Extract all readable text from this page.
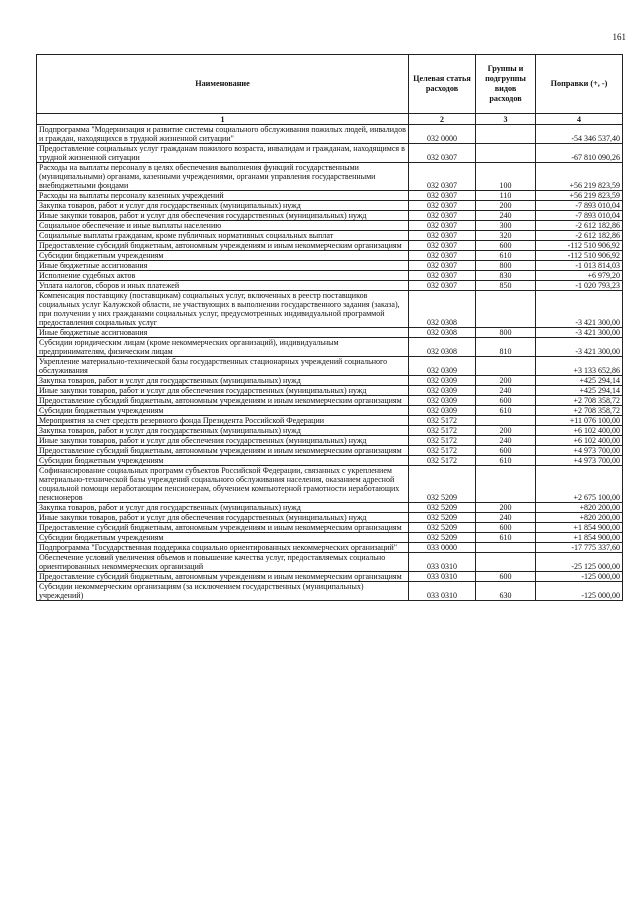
161
Наименование	Целевая статья расходов	Группы и подгруппы видов расходов	Поправки (+, -)
1	2	3	4
Подпрограмма "Модернизация и развитие системы социального обслуживания пожилых людей, инвалидов и граждан, находящихся в трудной жизненной ситуации"	032 0000		-54 346 537,40
Предоставление социальных услуг гражданам пожилого возраста, инвалидам и гражданам, находящимся в трудной жизненной ситуации	032 0307		-67 810 090,26
Расходы на выплаты персоналу в целях обеспечения выполнения функций государственными (муниципальными) органами, казенными учреждениями, органами управления государственными внебюджетными фондами	032 0307	100	+56 219 823,59
Расходы на выплаты персоналу казенных учреждений	032 0307	110	+56 219 823,59
Закупка товаров, работ и услуг для государственных (муниципальных) нужд	032 0307	200	-7 893 010,04
Иные закупки товаров, работ и услуг для обеспечения государственных (муниципальных) нужд	032 0307	240	-7 893 010,04
Социальное обеспечение и иные выплаты населению	032 0307	300	-2 612 182,86
Социальные выплаты гражданам, кроме публичных нормативных социальных выплат	032 0307	320	-2 612 182,86
Предоставление субсидий бюджетным, автономным учреждениям и иным некоммерческим организациям	032 0307	600	-112 510 906,92
Субсидии бюджетным учреждениям	032 0307	610	-112 510 906,92
Иные бюджетные ассигнования	032 0307	800	-1 013 814,03
Исполнение судебных актов	032 0307	830	+6 979,20
Уплата налогов, сборов и иных платежей	032 0307	850	-1 020 793,23
Компенсация поставщику (поставщикам) социальных услуг, включенных в реестр поставщиков социальных услуг Калужской области, не участвующих в выполнении государственного задания (заказа), при получении у них гражданами социальных услуг, предусмотренных индивидуальной программой предоставления социальных услуг	032 0308		-3 421 300,00
Иные бюджетные ассигнования	032 0308	800	-3 421 300,00
Субсидии юридическим лицам (кроме некоммерческих организаций), индивидуальным предпринимателям, физическим лицам	032 0308	810	-3 421 300,00
Укрепление материально-технической базы государственных стационарных учреждений социального обслуживания	032 0309		+3 133 652,86
Закупка товаров, работ и услуг для государственных (муниципальных) нужд	032 0309	200	+425 294,14
Иные закупки товаров, работ и услуг для обеспечения государственных (муниципальных) нужд	032 0309	240	+425 294,14
Предоставление субсидий бюджетным, автономным учреждениям и иным некоммерческим организациям	032 0309	600	+2 708 358,72
Субсидии бюджетным учреждениям	032 0309	610	+2 708 358,72
Мероприятия за счет средств резервного фонда Президента Российской Федерации	032 5172		+11 076 100,00
Закупка товаров, работ и услуг для государственных (муниципальных) нужд	032 5172	200	+6 102 400,00
Иные закупки товаров, работ и услуг для обеспечения государственных (муниципальных) нужд	032 5172	240	+6 102 400,00
Предоставление субсидий бюджетным, автономным учреждениям и иным некоммерческим организациям	032 5172	600	+4 973 700,00
Субсидии бюджетным учреждениям	032 5172	610	+4 973 700,00
Софинансирование социальных программ субъектов Российской Федерации, связанных с укреплением материально-технической базы учреждений социального обслуживания населения, оказанием адресной социальной помощи неработающим пенсионерам, обучением компьютерной грамотности неработающих пенсионеров	032 5209		+2 675 100,00
Закупка товаров, работ и услуг для государственных (муниципальных) нужд	032 5209	200	+820 200,00
Иные закупки товаров, работ и услуг для обеспечения государственных (муниципальных) нужд	032 5209	240	+820 200,00
Предоставление субсидий бюджетным, автономным учреждениям и иным некоммерческим организациям	032 5209	600	+1 854 900,00
Субсидии бюджетным учреждениям	032 5209	610	+1 854 900,00
Подпрограмма "Государственная поддержка социально ориентированных некоммерческих организаций"	033 0000		-17 775 337,60
Обеспечение условий увеличения объемов и повышение качества услуг, предоставляемых социально ориентированных некоммерческих организаций	033 0310		-25 125 000,00
Предоставление субсидий бюджетным, автономным учреждениям и иным некоммерческим организациям	033 0310	600	-125 000,00
Субсидии некоммерческим организациям (за исключением государственных (муниципальных) учреждений)	033 0310	630	-125 000,00
